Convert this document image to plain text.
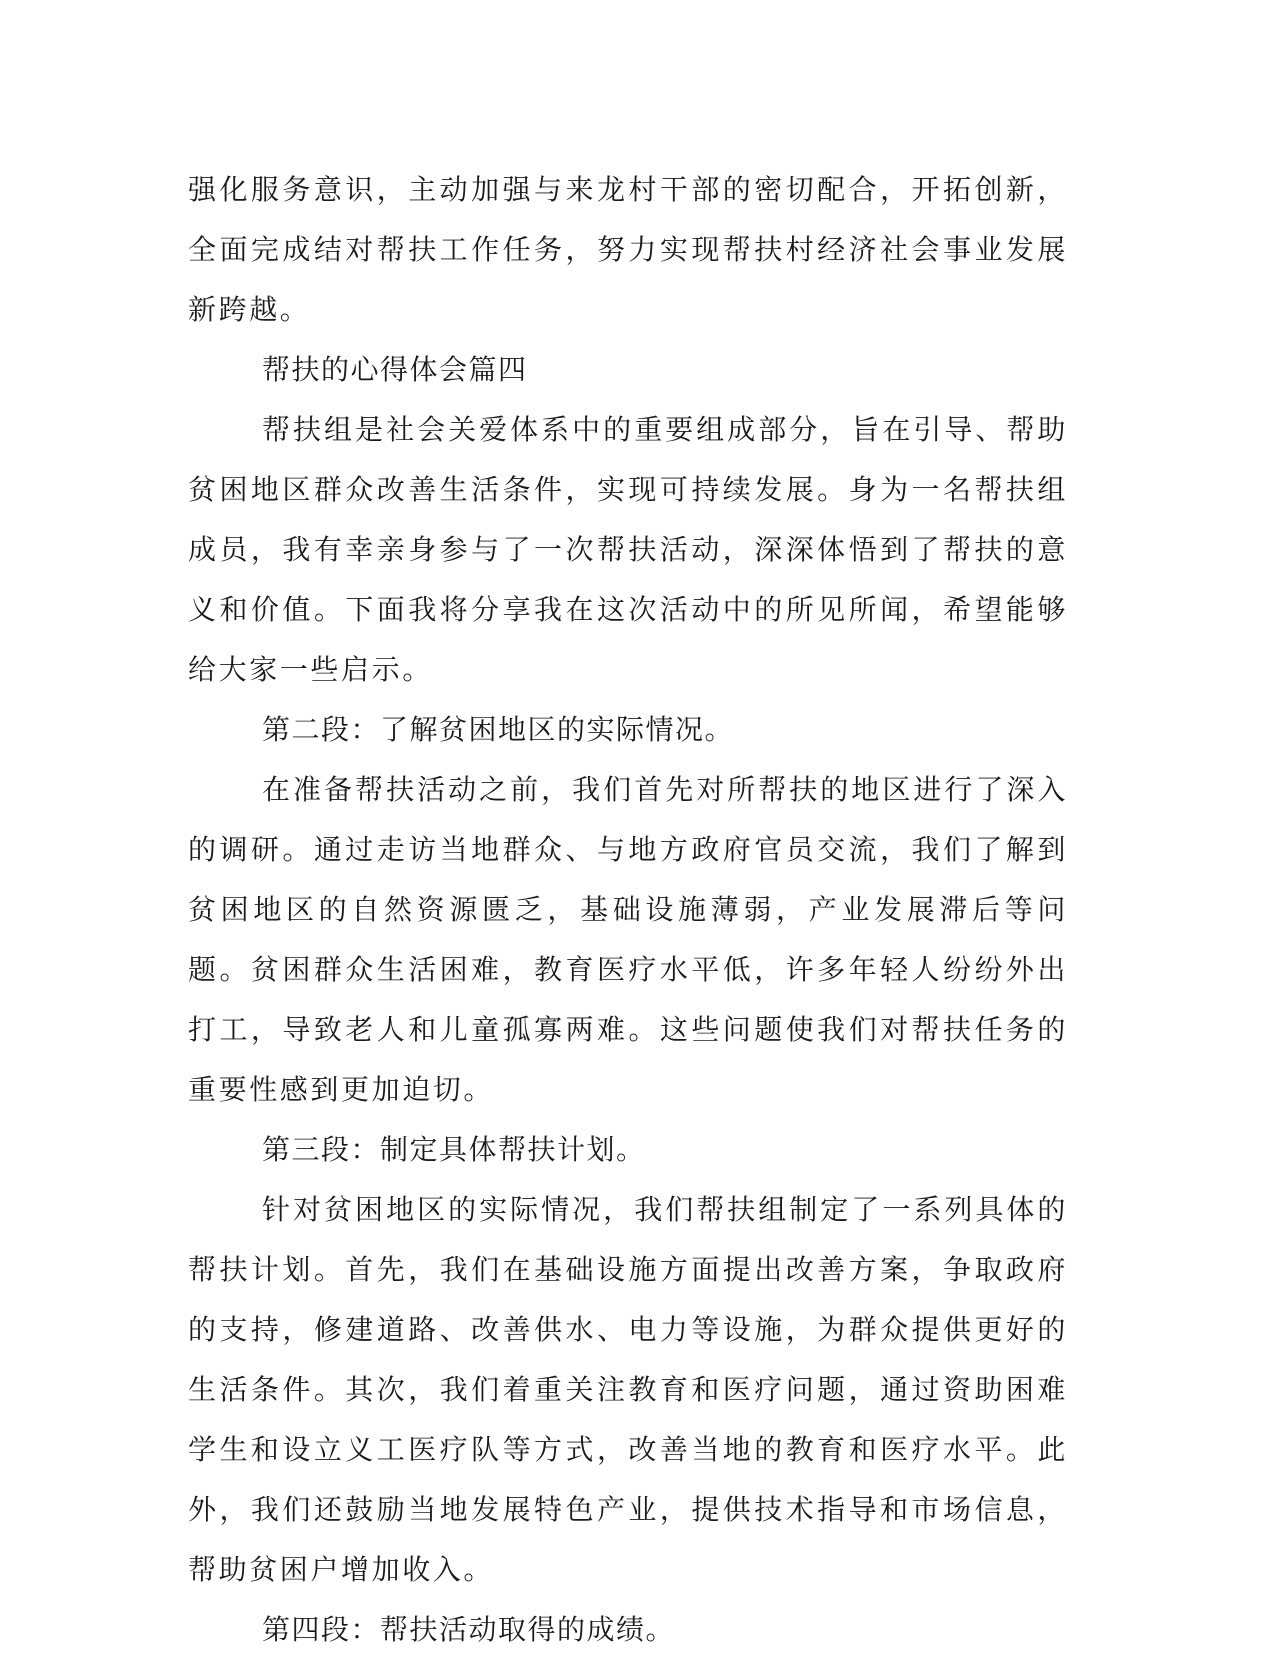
强化服务意识，主动加强与来龙村干部的密切配合，开拓创新，全面完成结对帮扶工作任务，努力实现帮扶村经济社会事业发展新跨越。

帮扶的心得体会篇四

帮扶组是社会关爱体系中的重要组成部分，旨在引导、帮助贫困地区群众改善生活条件，实现可持续发展。身为一名帮扶组成员，我有幸亲身参与了一次帮扶活动，深深体悟到了帮扶的意义和价值。下面我将分享我在这次活动中的所见所闻，希望能够给大家一些启示。

第二段：了解贫困地区的实际情况。

在准备帮扶活动之前，我们首先对所帮扶的地区进行了深入的调研。通过走访当地群众、与地方政府官员交流，我们了解到贫困地区的自然资源匮乏，基础设施薄弱，产业发展滞后等问题。贫困群众生活困难，教育医疗水平低，许多年轻人纷纷外出打工，导致老人和儿童孤寡两难。这些问题使我们对帮扶任务的重要性感到更加迫切。

第三段：制定具体帮扶计划。

针对贫困地区的实际情况，我们帮扶组制定了一系列具体的帮扶计划。首先，我们在基础设施方面提出改善方案，争取政府的支持，修建道路、改善供水、电力等设施，为群众提供更好的生活条件。其次，我们着重关注教育和医疗问题，通过资助困难学生和设立义工医疗队等方式，改善当地的教育和医疗水平。此外，我们还鼓励当地发展特色产业，提供技术指导和市场信息，帮助贫困户增加收入。

第四段：帮扶活动取得的成绩。
